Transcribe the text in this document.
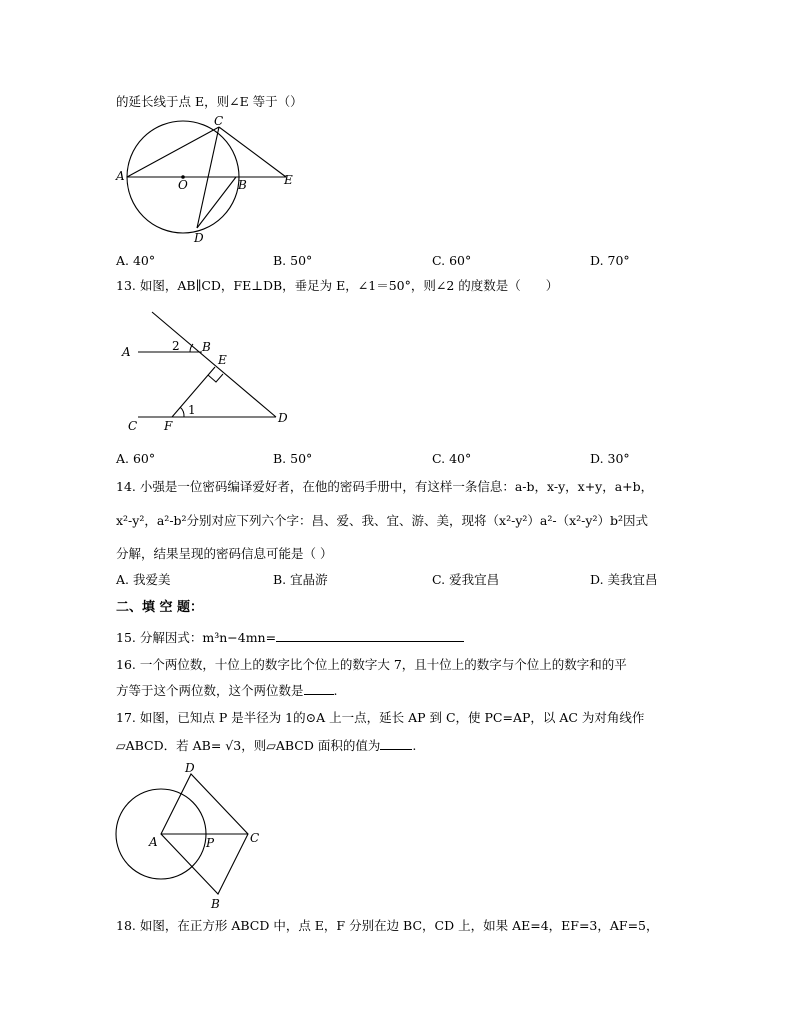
的延长线于点 E，则∠E 等于（）
A
O	B
C
D
E
A. 40°	B. 50°	C. 60°	D. 70°
13. 如图，AB∥CD，FE⊥DB，垂足为 E，∠1＝50°，则∠2 的度数是（　　）
A	B
E
C F
D
1
2
A. 60°	B. 50°	C. 40°	D. 30°
14. 小强是一位密码编译爱好者，在他的密码手册中，有这样一条信息：a-b，x-y，x+y，a+b，
x²-y²，a²-b²分别对应下列六个字：昌、爱、我、宜、游、美，现将（x²-y²）a²-（x²-y²）b²因式
分解，结果呈现的密码信息可能是（ ）
A. 我爱美	B. 宜晶游	C. 爱我宜昌	D. 美我宜昌
二、填 空 题：
15. 分解因式：m³n−4mn=
16. 一个两位数，十位上的数字比个位上的数字大 7，且十位上的数字与个位上的数字和的平
方等于这个两位数，这个两位数是 .
17. 如图，已知点 P 是半径为 1的⊙A 上一点，延长 AP 到 C，使 PC=AP，以 AC 为对角线作
▱ABCD．若 AB= √3，则▱ABCD 面积的值为	.
A	P	C
D
B
18. 如图，在正方形 ABCD 中，点 E，F 分别在边 BC，CD 上，如果 AE=4，EF=3，AF=5，
